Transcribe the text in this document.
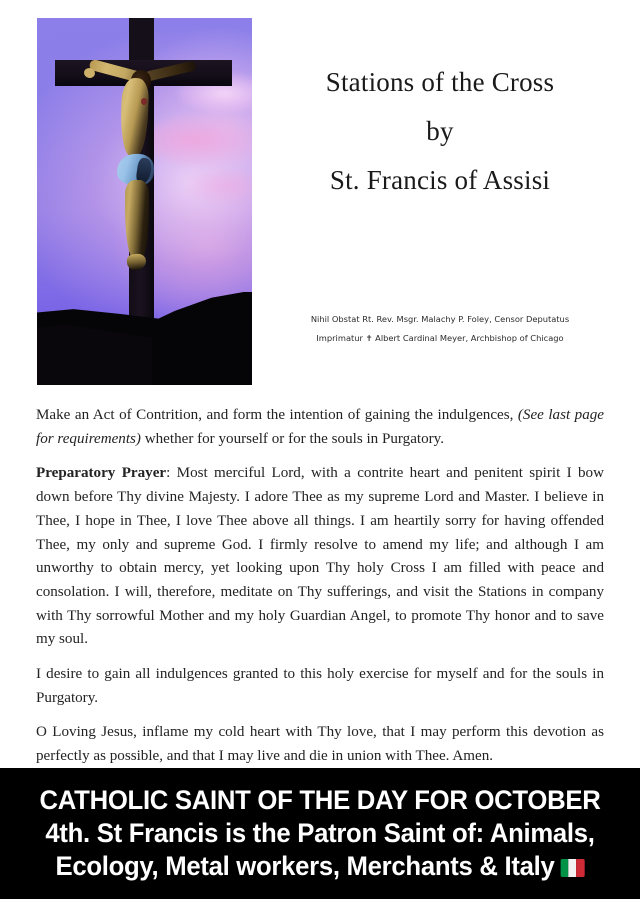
Stations of the Cross
by
St. Francis of Assisi
Nihil Obstat Rt. Rev. Msgr. Malachy P. Foley, Censor Deputatus
Imprimatur ✝ Albert Cardinal Meyer, Archbishop of Chicago

Make an Act of Contrition, and form the intention of gaining the indulgences, (See last page for requirements) whether for yourself or for the souls in Purgatory.

Preparatory Prayer: Most merciful Lord, with a contrite heart and penitent spirit I bow down before Thy divine Majesty. I adore Thee as my supreme Lord and Master. I believe in Thee, I hope in Thee, I love Thee above all things. I am heartily sorry for having offended Thee, my only and supreme God. I firmly resolve to amend my life; and although I am unworthy to obtain mercy, yet looking upon Thy holy Cross I am filled with peace and consolation. I will, therefore, meditate on Thy sufferings, and visit the Stations in company with Thy sorrowful Mother and my holy Guardian Angel, to promote Thy honor and to save my soul.

I desire to gain all indulgences granted to this holy exercise for myself and for the souls in Purgatory.

O Loving Jesus, inflame my cold heart with Thy love, that I may perform this devotion as perfectly as possible, and that I may live and die in union with Thee. Amen.

CATHOLIC SAINT OF THE DAY FOR OCTOBER
4th. St Francis is the Patron Saint of: Animals,
Ecology, Metal workers, Merchants & Italy
